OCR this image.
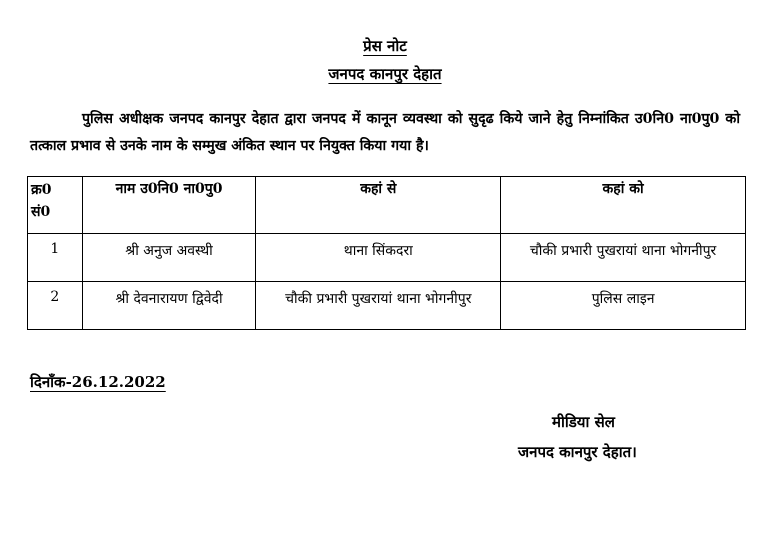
प्रेस नोट
जनपद कानपुर देहात
पुलिस अधीक्षक जनपद कानपुर देहात द्वारा जनपद में कानून व्यवस्था को सुदृढ किये जाने हेतु निम्नांकित उ0नि0 ना0पु0 को तत्काल प्रभाव से उनके नाम के सम्मुख अंकित स्थान पर नियुक्त किया गया है।
क्र0
सं0	नाम उ0नि0 ना0पु0	कहां से	कहां को
1	श्री अनुज अवस्थी	थाना सिंकदरा	चौकी प्रभारी पुखरायां थाना भोगनीपुर
2	श्री देवनारायण द्विवेदी	चौकी प्रभारी पुखरायां थाना भोगनीपुर	पुलिस लाइन
दिनाँक-26.12.2022
मीडिया सेल
जनपद कानपुर देहात।
